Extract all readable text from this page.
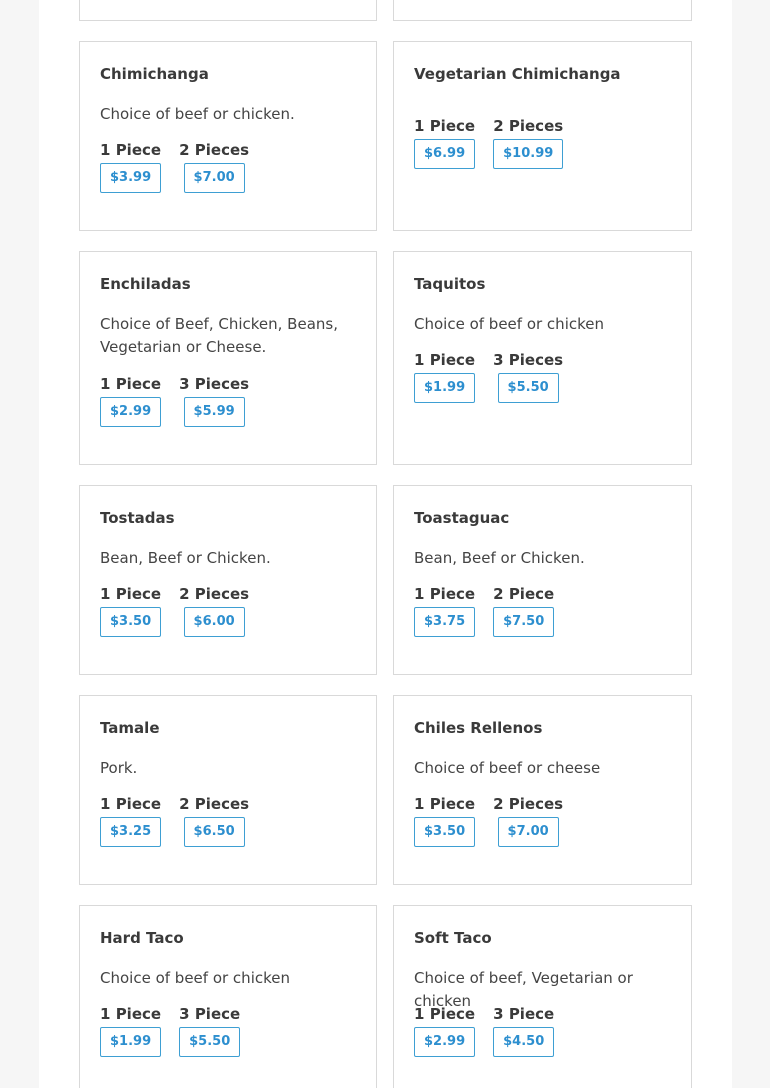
Chimichanga
Choice of beef or chicken.
1 Piece
$3.99
2 Pieces
$7.00
Vegetarian Chimichanga
1 Piece
$6.99
2 Pieces
$10.99
Enchiladas
Choice of Beef, Chicken, Beans, Vegetarian or Cheese.
1 Piece
$2.99
3 Pieces
$5.99
Taquitos
Choice of beef or chicken
1 Piece
$1.99
3 Pieces
$5.50
Tostadas
Bean, Beef or Chicken.
1 Piece
$3.50
2 Pieces
$6.00
Toastaguac
Bean, Beef or Chicken.
1 Piece
$3.75
2 Piece
$7.50
Tamale
Pork.
1 Piece
$3.25
2 Pieces
$6.50
Chiles Rellenos
Choice of beef or cheese
1 Piece
$3.50
2 Pieces
$7.00
Hard Taco
Choice of beef or chicken
1 Piece
$1.99
3 Piece
$5.50
Soft Taco
Choice of beef, Vegetarian or chicken
1 Piece
$2.99
3 Piece
$4.50
